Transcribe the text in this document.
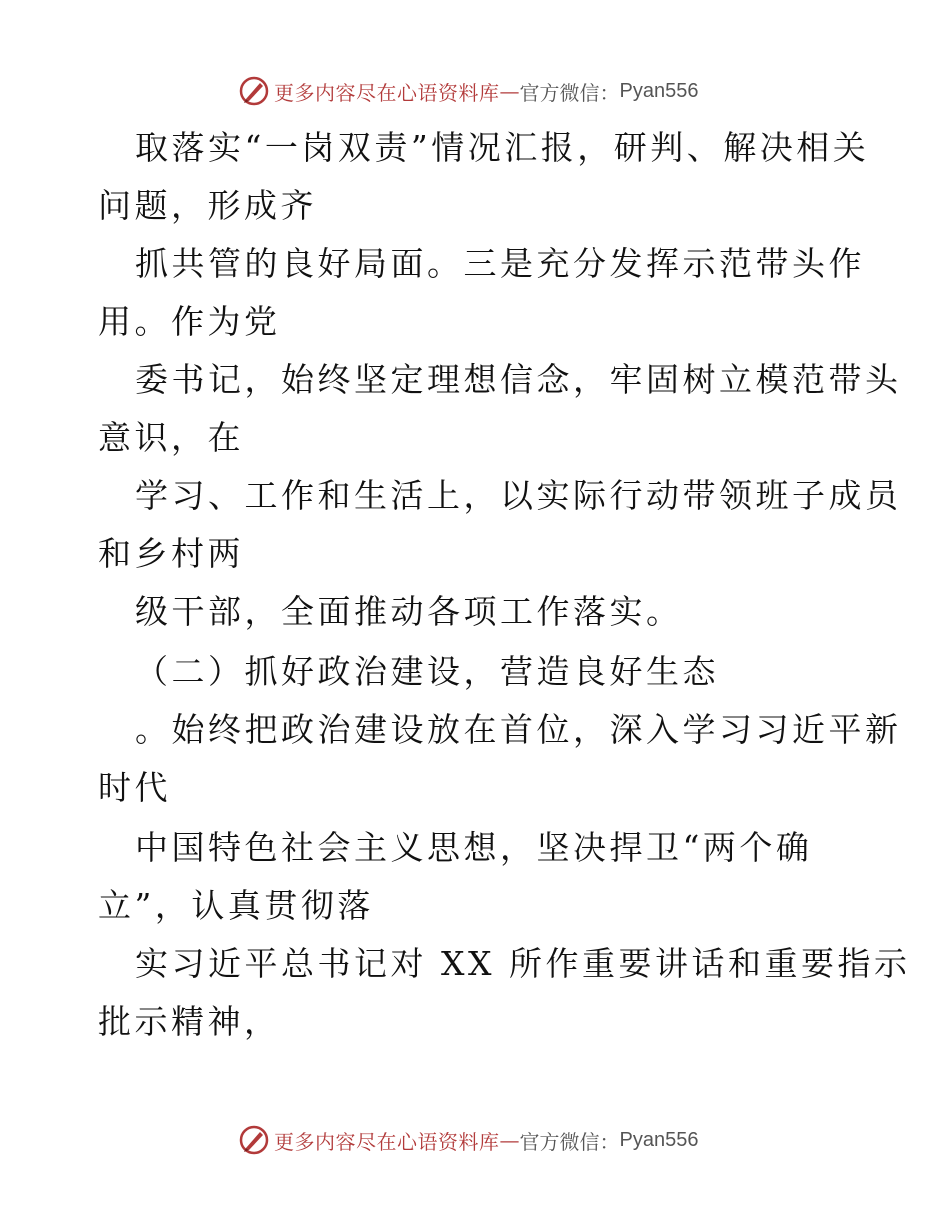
更多内容尽在心语资料库 — 官方微信： Pyan556
取落实“一岗双责”情况汇报，研判、解决相关
问题，形成齐
抓共管的良好局面。三是充分发挥示范带头作
用。作为党
委书记，始终坚定理想信念，牢固树立模范带头
意识，在
学习、工作和生活上，以实际行动带领班子成员
和乡村两
级干部，全面推动各项工作落实。
（二）抓好政治建设，营造良好生态
。始终把政治建设放在首位，深入学习习近平新
时代
中国特色社会主义思想，坚决捍卫“两个确
立”，认真贯彻落
实习近平总书记对 XX 所作重要讲话和重要指示
批示精神，
更多内容尽在心语资料库 — 官方微信： Pyan556
